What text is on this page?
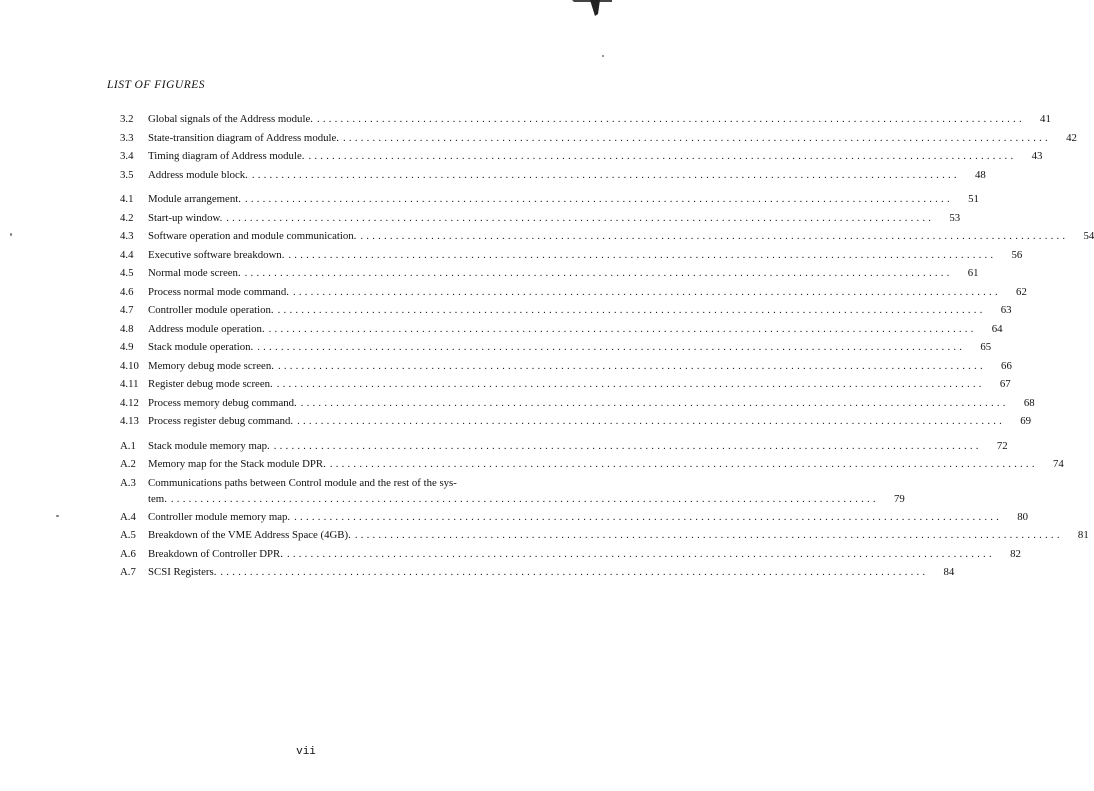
LIST OF FIGURES
3.2	Global signals of the Address module. ........................................................................................................................	41
3.3	State-transition diagram of Address module. ........................................................................................................................	42
3.4	Timing diagram of Address module. ........................................................................................................................	43
3.5	Address module block. ........................................................................................................................	48
4.1	Module arrangement. ........................................................................................................................	51
4.2	Start-up window. ........................................................................................................................	53
4.3	Software operation and module communication. ........................................................................................................................	54
4.4	Executive software breakdown. ........................................................................................................................	56
4.5	Normal mode screen. ........................................................................................................................	61
4.6	Process normal mode command. ........................................................................................................................	62
4.7	Controller module operation. ........................................................................................................................	63
4.8	Address module operation. ........................................................................................................................	64
4.9	Stack module operation. ........................................................................................................................	65
4.10 Memory debug mode screen. ........................................................................................................................	66
4.11 Register debug mode screen. ........................................................................................................................	67
4.12 Process memory debug command. ........................................................................................................................	68
4.13 Process register debug command. ........................................................................................................................	69
A.1	Stack module memory map. ........................................................................................................................	72
A.2	Memory map for the Stack module DPR. ........................................................................................................................	74
A.3	Communications paths between Control module and the rest of the sys-
tem. ........................................................................................................................	79
A.4	Controller module memory map. ........................................................................................................................	80
A.5	Breakdown of the VME Address Space (4GB). ........................................................................................................................	81
A.6	Breakdown of Controller DPR. ........................................................................................................................	82
A.7	SCSI Registers. ........................................................................................................................	84
vii
